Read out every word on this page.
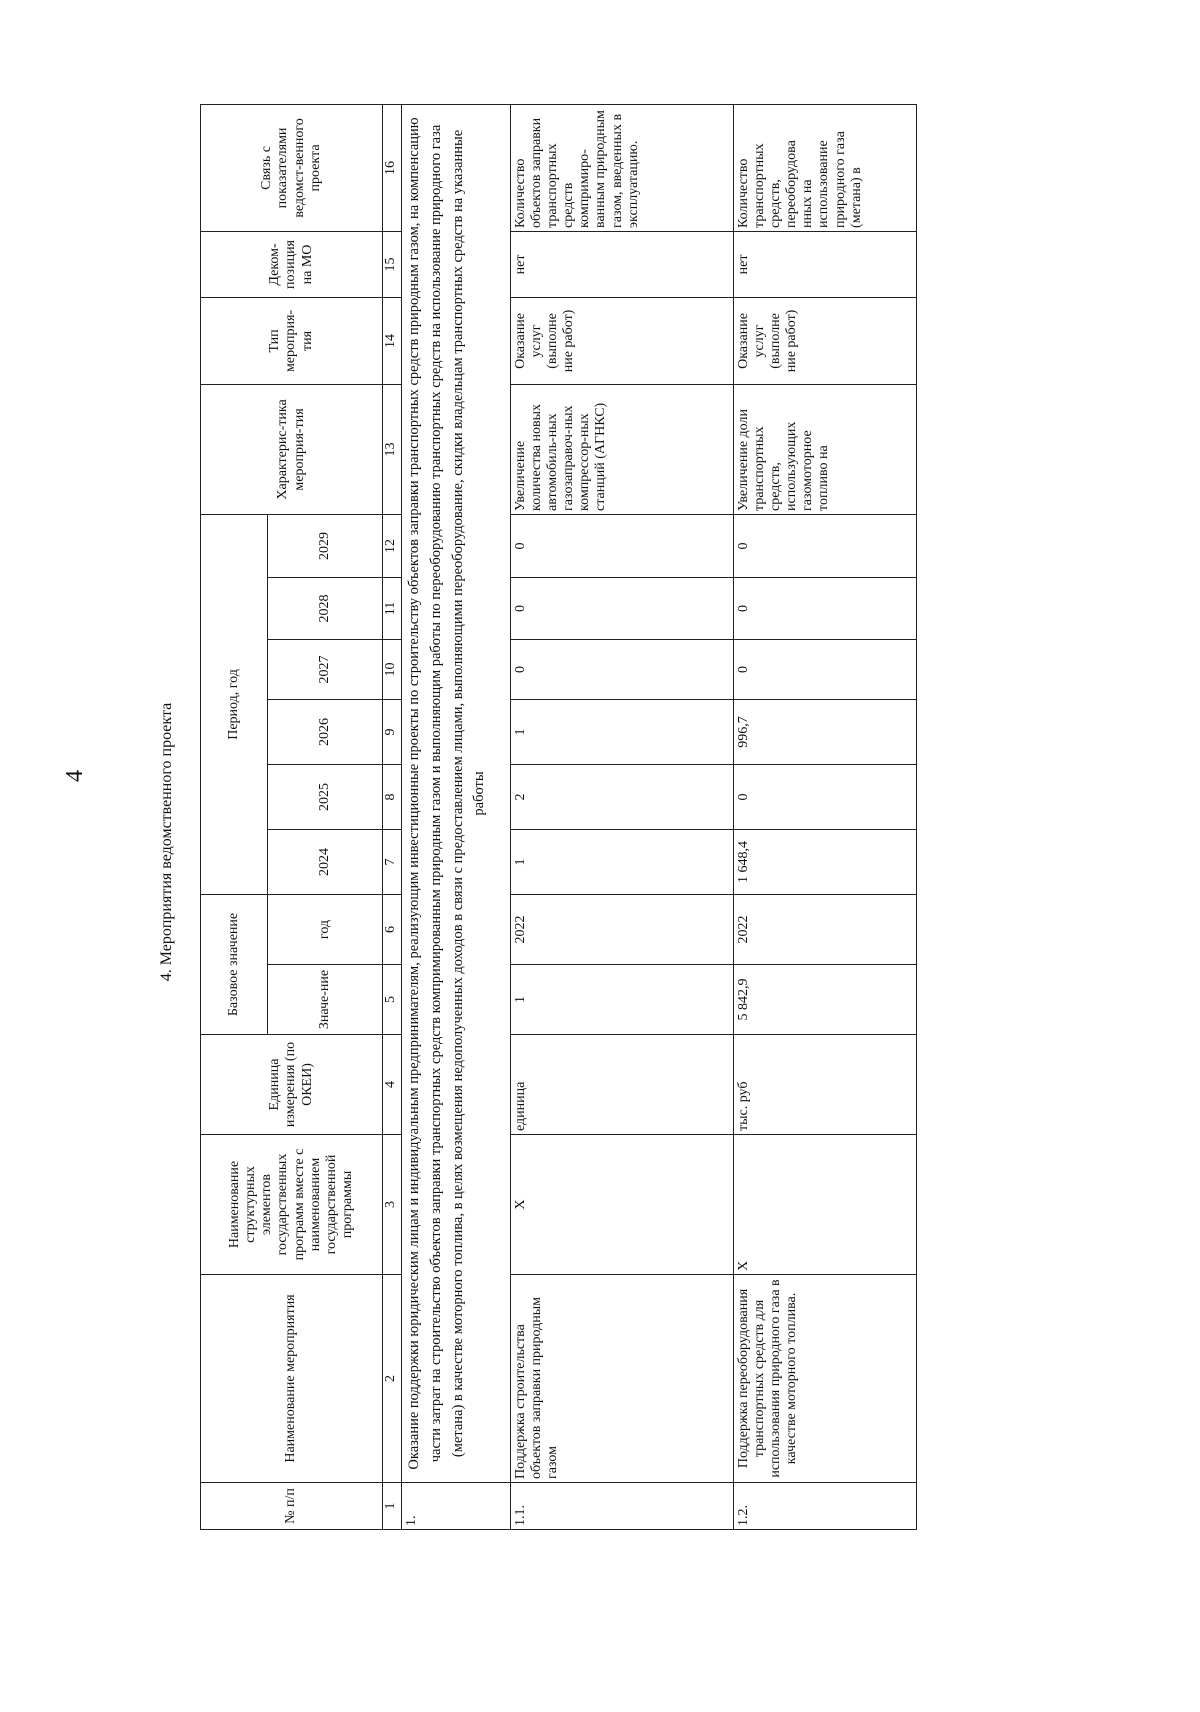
4	4. Мероприятия ведомственного проекта
№ п/п	Наименование мероприятия	Наименование структурных элементов государственных программ вместе с наименованием государственной программы	Единица измерения (по ОКЕИ)	Базовое значение		Период, год						Характерис-тика мероприя-тия	Тип мероприя-тия	Деком-позиция на МО	Связь с показателями ведомст-венного проекта
				Значе-ние	год	2024	2025	2026	2027	2028	2029				
1	2	3	4	5	6	7	8	9	10	11	12	13	14	15	16
1.	Оказание поддержки юридическим лицам и индивидуальным предпринимателям, реализующим инвестиционные проекты по строительству объектов заправки транспортных средств природным газом, на компенсацию части затрат на строительство объектов заправки транспортных средств компримированным природным газом и выполняющим работы по переоборудованию транспортных средств на использование природного газа (метана) в качестве моторного топлива, в целях возмещения недополученных доходов в связи с предоставлением лицами, выполняющими переоборудование, скидки владельцам транспортных средств на указанные работы														
1.1.	Поддержка строительства объектов заправки природным газом	X	единица	1	2022	1	2	1	0	0	0	Увеличение количества новых автомобиль-ных газозаправоч-ных компрессор-ных станций (АГНКС)	Оказание услуг (выполне ние работ)	нет	Количество объектов заправки транспортных средств компримиро-ванным природным газом, введенных в эксплуатацию.
1.2.	Поддержка переоборудования транспортных средств для использования природного газа в качестве моторного топлива.	X	тыс. руб	5 842,9	2022	1 648,4	0	996,7	0	0	0	Увеличение доли транспортных средств, использующих газомоторное топливо на	Оказание услуг (выполне ние работ)	нет	Количество транспортных средств, переоборудова нных на использование природного газа (метана) в
